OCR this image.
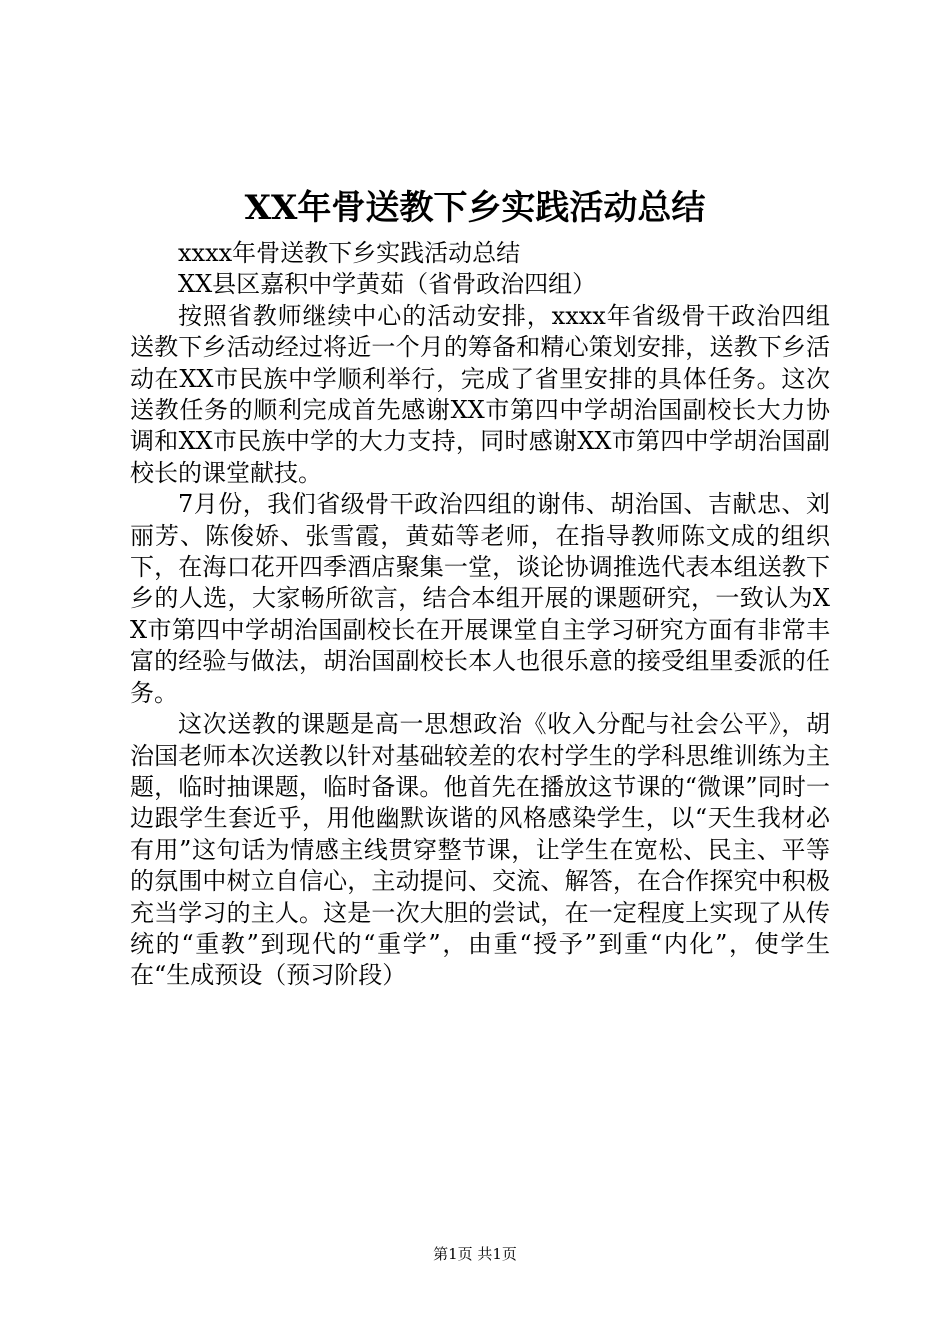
XX年骨送教下乡实践活动总结

xxxx年骨送教下乡实践活动总结

XX县区嘉积中学黄茹（省骨政治四组）

按照省教师继续中心的活动安排，xxxx年省级骨干政治四组送教下乡活动经过将近一个月的筹备和精心策划安排，送教下乡活动在XX市民族中学顺利举行，完成了省里安排的具体任务。这次送教任务的顺利完成首先感谢XX市第四中学胡治国副校长大力协调和XX市民族中学的大力支持，同时感谢XX市第四中学胡治国副校长的课堂献技。

7月份，我们省级骨干政治四组的谢伟、胡治国、吉献忠、刘丽芳、陈俊娇、张雪霞，黄茹等老师，在指导教师陈文成的组织下，在海口花开四季酒店聚集一堂，谈论协调推选代表本组送教下乡的人选，大家畅所欲言，结合本组开展的课题研究，一致认为XX市第四中学胡治国副校长在开展课堂自主学习研究方面有非常丰富的经验与做法，胡治国副校长本人也很乐意的接受组里委派的任务。

这次送教的课题是高一思想政治《收入分配与社会公平》，胡治国老师本次送教以针对基础较差的农村学生的学科思维训练为主题，临时抽课题，临时备课。他首先在播放这节课的“微课”同时一边跟学生套近乎，用他幽默诙谐的风格感染学生，以“天生我材必有用”这句话为情感主线贯穿整节课，让学生在宽松、民主、平等的氛围中树立自信心，主动提问、交流、解答，在合作探究中积极充当学习的主人。这是一次大胆的尝试，在一定程度上实现了从传统的“重教”到现代的“重学”，由重“授予”到重“内化”，使学生在“生成预设（预习阶段）

第1页 共1页
